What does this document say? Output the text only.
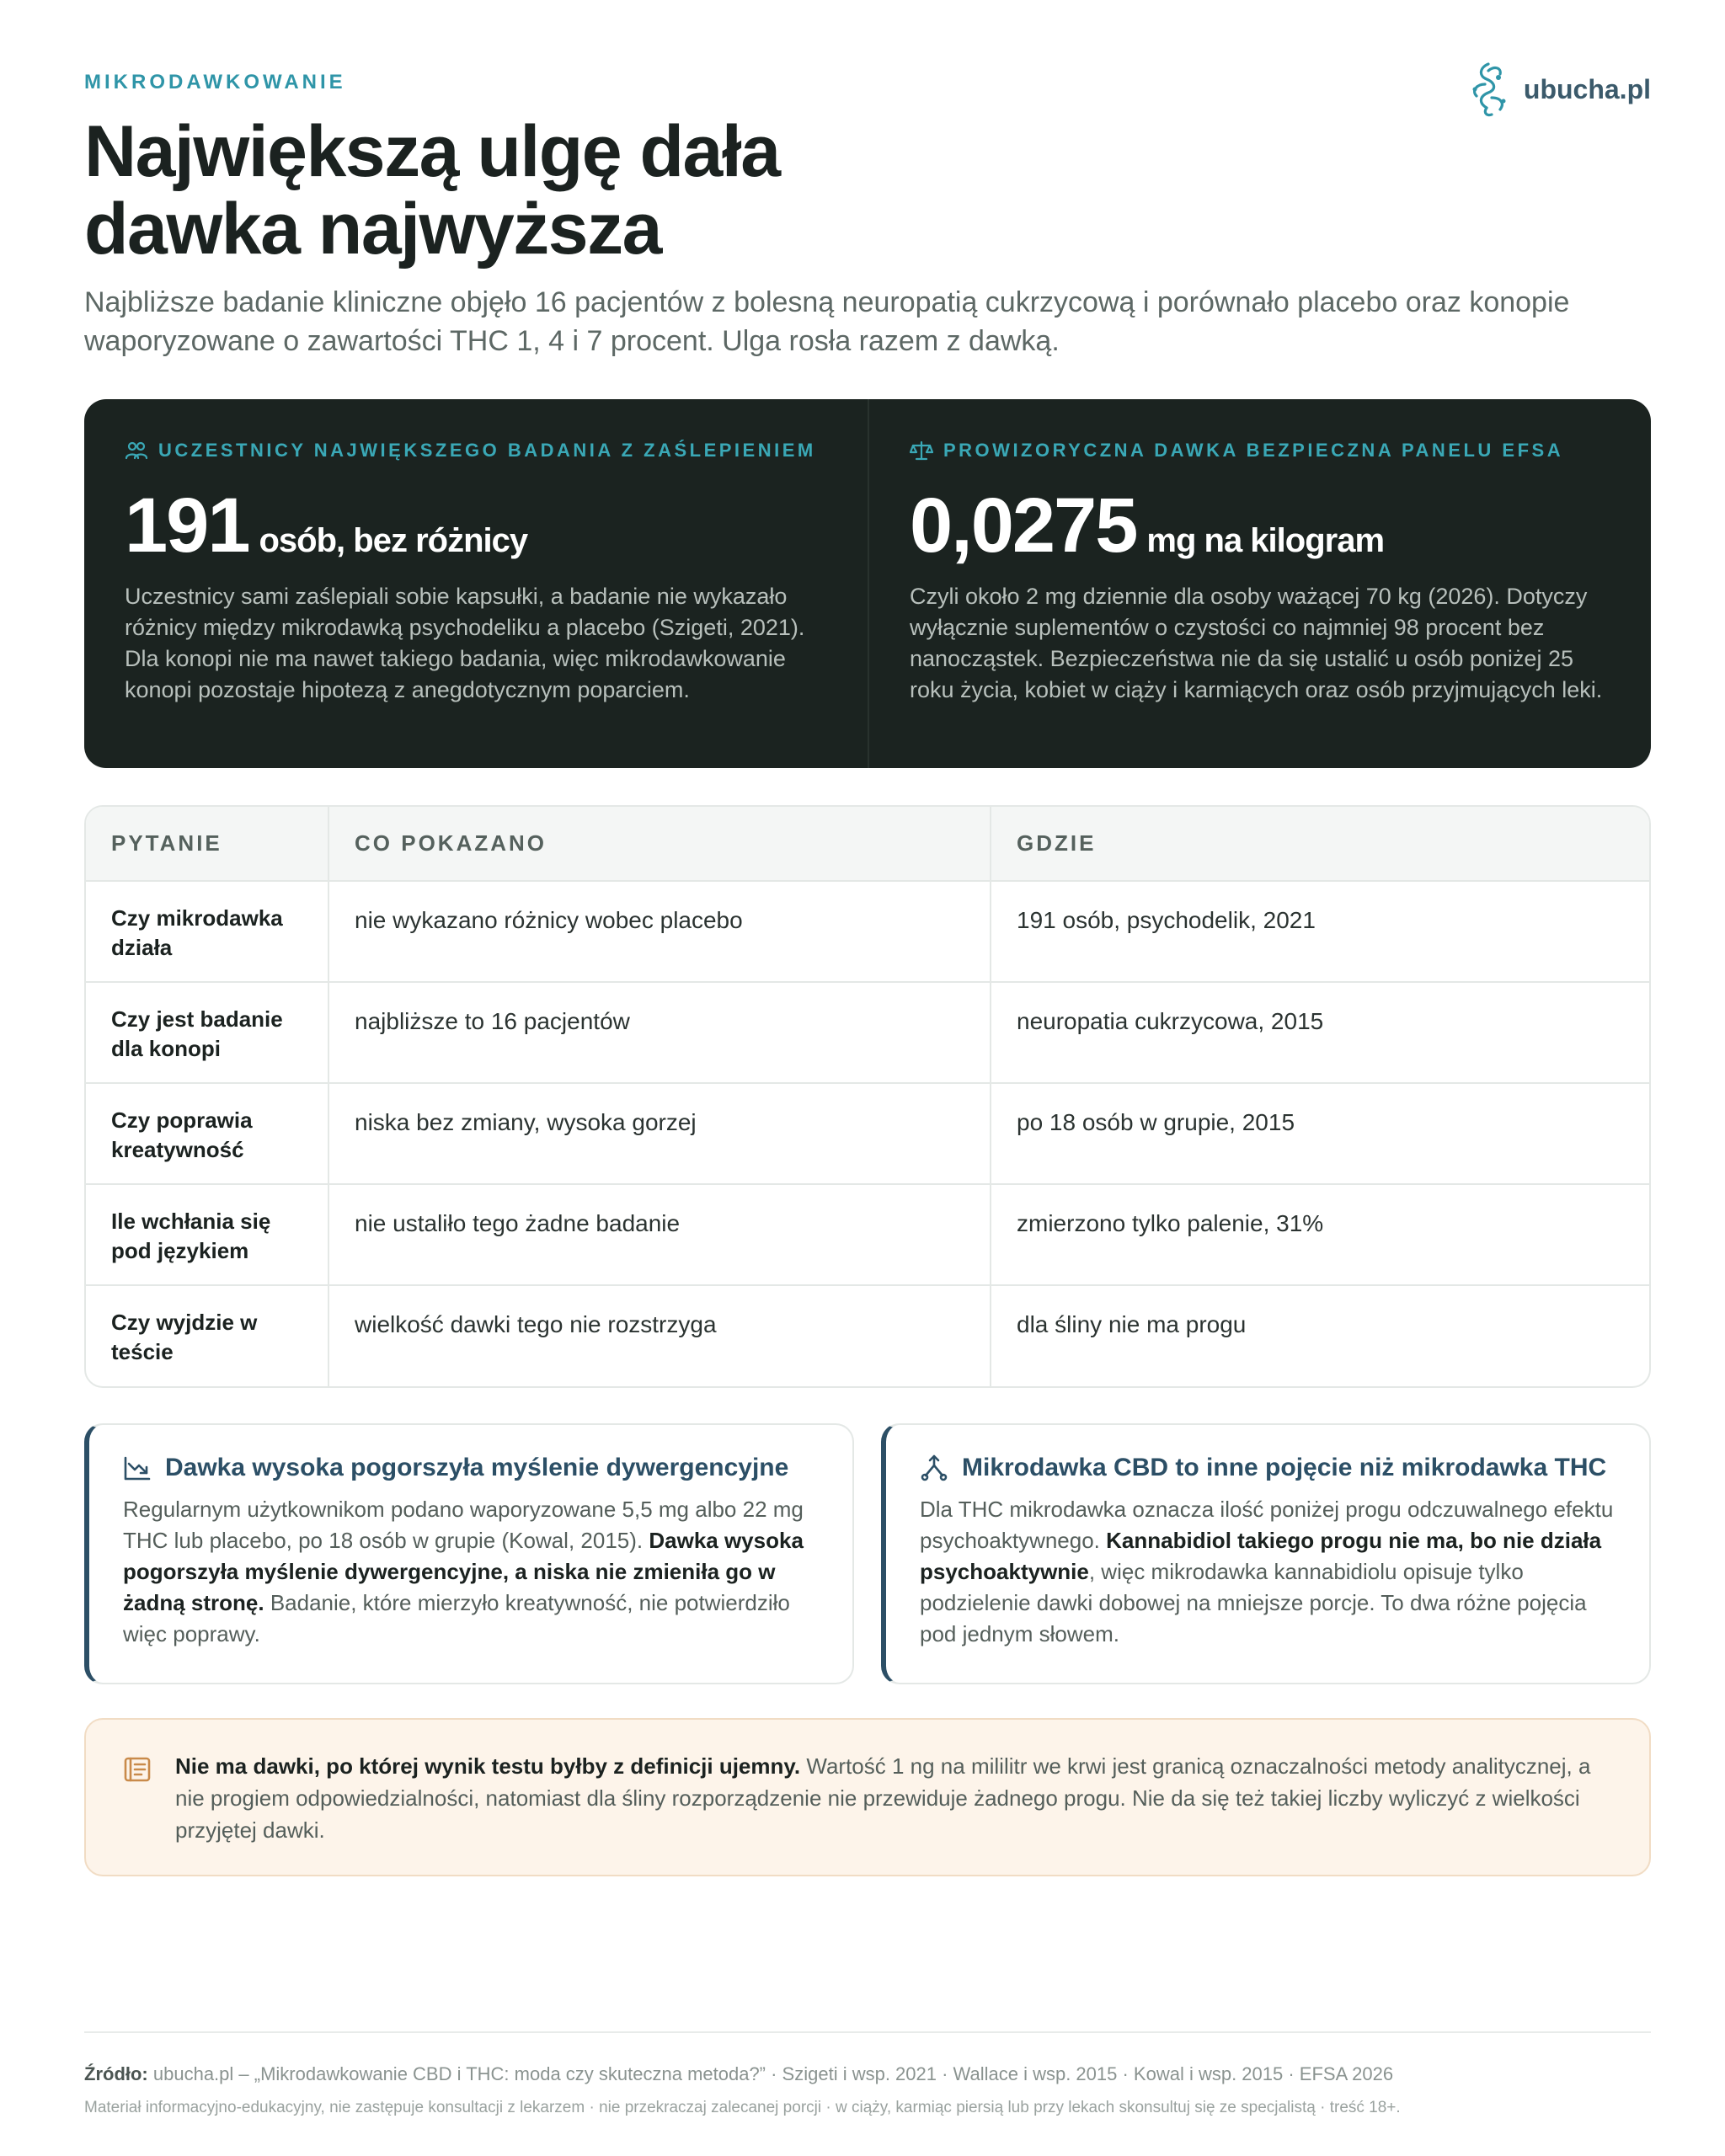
MIKRODAWKOWANIE	ubucha.pl
Największą ulgę dała
dawka najwyższa

Najbliższe badanie kliniczne objęło 16 pacjentów z bolesną neuropatią cukrzycową i porównało placebo oraz konopie waporyzowane o zawartości THC 1, 4 i 7 procent. Ulga rosła razem z dawką.

UCZESTNICY NAJWIĘKSZEGO BADANIA Z ZAŚLEPIENIEM
191 osób, bez różnicy

Uczestnicy sami zaślepiali sobie kapsułki, a badanie nie wykazało różnicy między mikrodawką psychodeliku a placebo (Szigeti, 2021). Dla konopi nie ma nawet takiego badania, więc mikrodawkowanie konopi pozostaje hipotezą z anegdotycznym poparciem.

PROWIZORYCZNA DAWKA BEZPIECZNA PANELU EFSA
0,0275 mg na kilogram

Czyli około 2 mg dziennie dla osoby ważącej 70 kg (2026). Dotyczy wyłącznie suplementów o czystości co najmniej 98 procent bez nanocząstek. Bezpieczeństwa nie da się ustalić u osób poniżej 25 roku życia, kobiet w ciąży i karmiących oraz osób przyjmujących leki.

PYTANIE	CO POKAZANO	GDZIE
Czy mikrodawka działa	nie wykazano różnicy wobec placebo	191 osób, psychodelik, 2021
Czy jest badanie dla konopi	najbliższe to 16 pacjentów	neuropatia cukrzycowa, 2015
Czy poprawia kreatywność	niska bez zmiany, wysoka gorzej	po 18 osób w grupie, 2015
Ile wchłania się pod językiem	nie ustaliło tego żadne badanie	zmierzono tylko palenie, 31%
Czy wyjdzie w teście	wielkość dawki tego nie rozstrzyga	dla śliny nie ma progu
Dawka wysoka pogorszyła myślenie dywergencyjne

Regularnym użytkownikom podano waporyzowane 5,5 mg albo 22 mg THC lub placebo, po 18 osób w grupie (Kowal, 2015). Dawka wysoka pogorszyła myślenie dywergencyjne, a niska nie zmieniła go w żadną stronę. Badanie, które mierzyło kreatywność, nie potwierdziło więc poprawy.

Mikrodawka CBD to inne pojęcie niż mikrodawka THC

Dla THC mikrodawka oznacza ilość poniżej progu odczuwalnego efektu psychoaktywnego. Kannabidiol takiego progu nie ma, bo nie działa psychoaktywnie, więc mikrodawka kannabidiolu opisuje tylko podzielenie dawki dobowej na mniejsze porcje. To dwa różne pojęcia pod jednym słowem.

Nie ma dawki, po której wynik testu byłby z definicji ujemny. Wartość 1 ng na mililitr we krwi jest granicą oznaczalności metody analitycznej, a nie progiem odpowiedzialności, natomiast dla śliny rozporządzenie nie przewiduje żadnego progu. Nie da się też takiej liczby wyliczyć z wielkości przyjętej dawki.

Źródło: ubucha.pl – „Mikrodawkowanie CBD i THC: moda czy skuteczna metoda?” · Szigeti i wsp. 2021 · Wallace i wsp. 2015 · Kowal i wsp. 2015 · EFSA 2026

Materiał informacyjno-edukacyjny, nie zastępuje konsultacji z lekarzem · nie przekraczaj zalecanej porcji · w ciąży, karmiąc piersią lub przy lekach skonsultuj się ze specjalistą · treść 18+.
